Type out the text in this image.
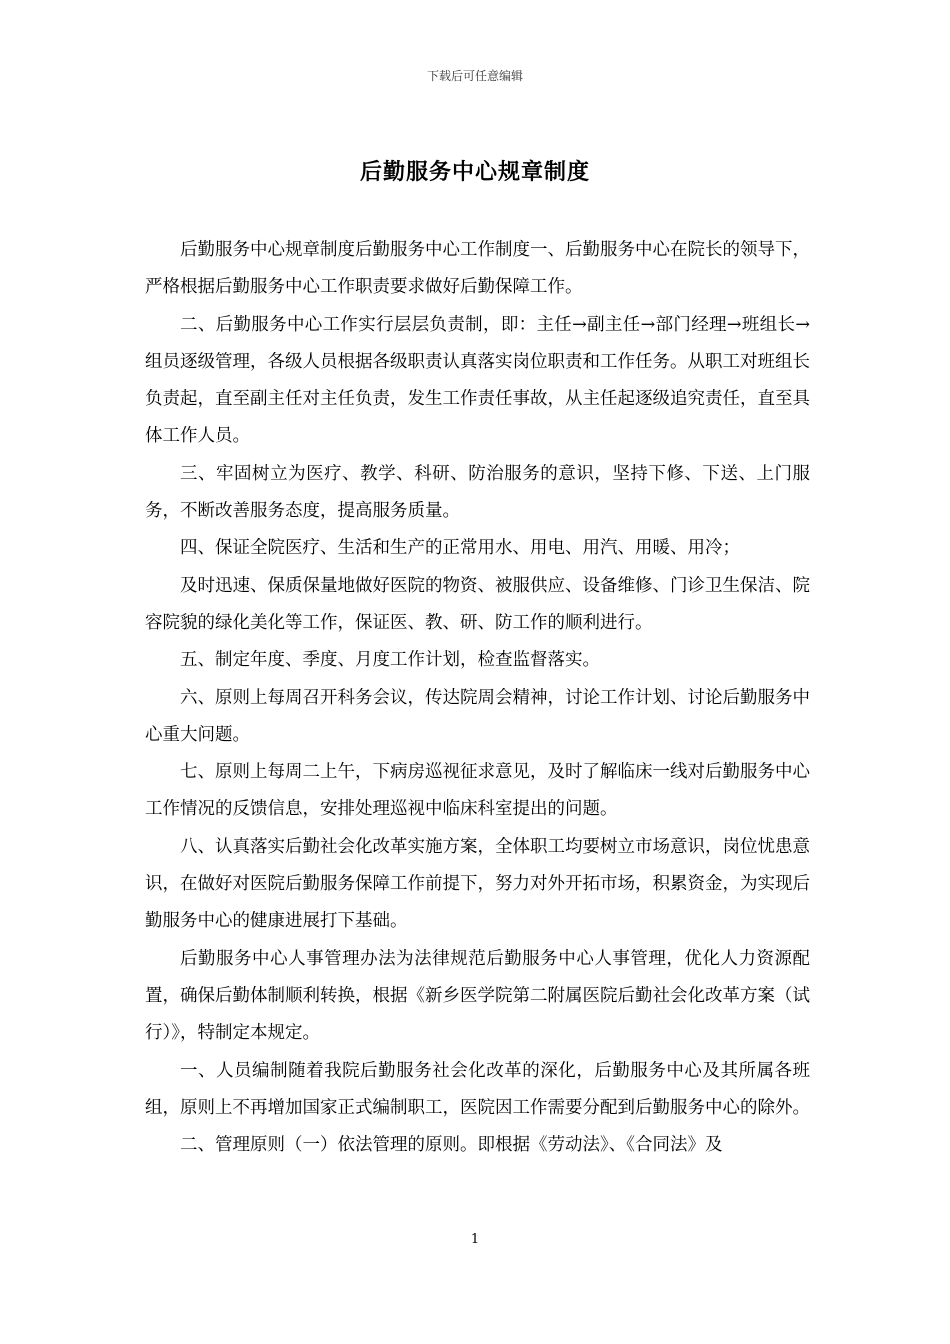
下载后可任意编辑
后勤服务中心规章制度

后勤服务中心规章制度后勤服务中心工作制度一、后勤服务中心在院长的领导下，严格根据后勤服务中心工作职责要求做好后勤保障工作。

二、后勤服务中心工作实行层层负责制，即：主任→副主任→部门经理→班组长→组员逐级管理，各级人员根据各级职责认真落实岗位职责和工作任务。从职工对班组长负责起，直至副主任对主任负责，发生工作责任事故，从主任起逐级追究责任，直至具体工作人员。

三、牢固树立为医疗、教学、科研、防治服务的意识，坚持下修、下送、上门服务，不断改善服务态度，提高服务质量。

四、保证全院医疗、生活和生产的正常用水、用电、用汽、用暖、用冷；

及时迅速、保质保量地做好医院的物资、被服供应、设备维修、门诊卫生保洁、院容院貌的绿化美化等工作，保证医、教、研、防工作的顺利进行。

五、制定年度、季度、月度工作计划，检查监督落实。

六、原则上每周召开科务会议，传达院周会精神，讨论工作计划、讨论后勤服务中心重大问题。

七、原则上每周二上午，下病房巡视征求意见，及时了解临床一线对后勤服务中心工作情况的反馈信息，安排处理巡视中临床科室提出的问题。

八、认真落实后勤社会化改革实施方案，全体职工均要树立市场意识，岗位忧患意识，在做好对医院后勤服务保障工作前提下，努力对外开拓市场，积累资金，为实现后勤服务中心的健康进展打下基础。

后勤服务中心人事管理办法为法律规范后勤服务中心人事管理，优化人力资源配置，确保后勤体制顺利转换，根据《新乡医学院第二附属医院后勤社会化改革方案（试行）》，特制定本规定。

一、人员编制随着我院后勤服务社会化改革的深化，后勤服务中心及其所属各班组，原则上不再增加国家正式编制职工，医院因工作需要分配到后勤服务中心的除外。

二、管理原则（一）依法管理的原则。即根据《劳动法》、《合同法》及

1
